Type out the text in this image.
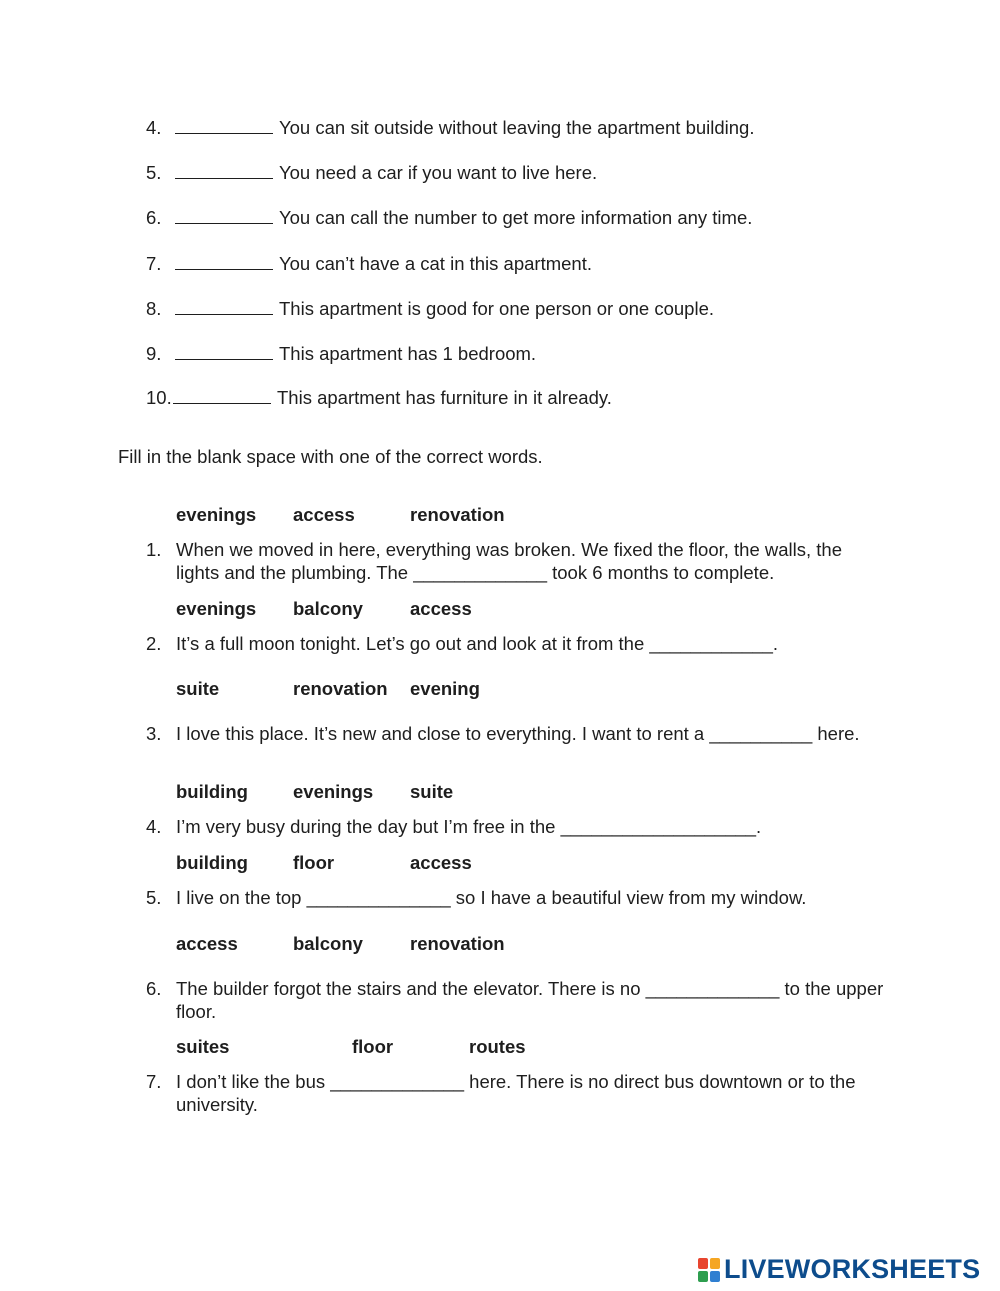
4.	You can sit outside without leaving the apartment building.
5.	You need a car if you want to live here.
6.	You can call the number to get more information any time.
7.	You can’t have a cat in this apartment.
8.	This apartment is good for one person or one couple.
9.	This apartment has 1 bedroom.
10.	This apartment has furniture in it already.
Fill in the blank space with one of the correct words.
evenings access	renovation
1. When we moved in here, everything was broken. We fixed the floor, the walls, the lights and the plumbing. The _____________ took 6 months to complete.
evenings balcony	access
2. It’s a full moon tonight. Let’s go out and look at it from the ____________.
suite	renovation evening
3. I love this place. It’s new and close to everything. I want to rent a __________ here.
building evenings suite
4. I’m very busy during the day but I’m free in the ___________________.
building floor	access
5. I live on the top ______________ so I have a beautiful view from my window.
access	balcony	renovation
6. The builder forgot the stairs and the elevator. There is no _____________ to the upper floor.
suites	floor	routes
7. I don’t like the bus _____________ here. There is no direct bus downtown or to the university.
LIVEWORKSHEETS
